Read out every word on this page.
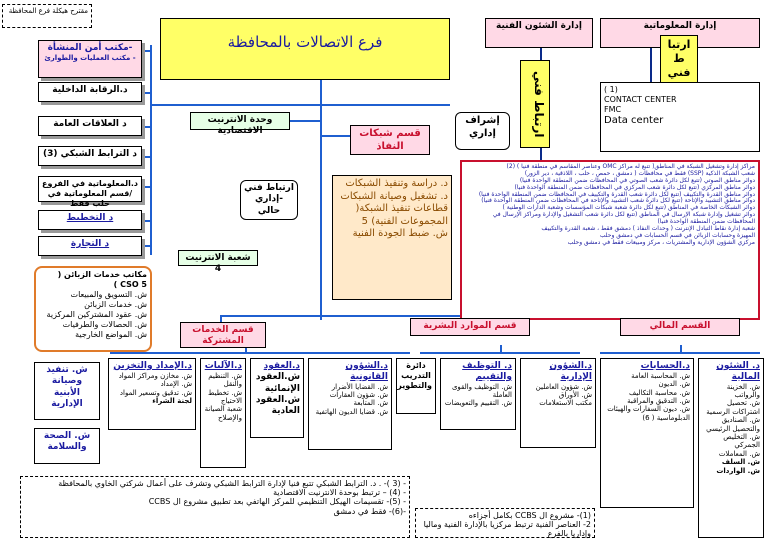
مقترح هيكلة فرع المحافظة
فرع الاتصالات بالمحافظة
إدارة الشئون الفنية	إدارة المعلوماتية
ارتباط فني
ارتبا ط فني
( 1)
CONTACT CENTER
FMC
Data center
إشراف إداري
-مكتب أمن المنشأة
- مكتب العمليات والطوارئ
د.الرقابة الداخلية
د العلاقات العامة
د الترابط الشبكي (3)
د.المعلوماتية في الفروع /قسم المعلوماتية في حلب فقط
د التخطيط
د التجارة
مكاتب خدمات الزبائن ( CSO 5 )
ش. التسويق والمبيعات
ش. خدمات الزبائن
ش. عقود المشتركين المركزية
ش. الحصالات والطرفيات
ش. المواضع الخارجية
وحدة الانترنيت الاقتصادية
ارتباط فني -إداري حالي
شعبة الانترنيت 4
قسم شبكات النفاذ
د. دراسة وتنفيذ الشبكات
د. تشغيل وصيانة الشبكات
قطاعات تنفيذ الشبكة( المجموعات الفنية) 5
ش. ضبط الجودة الفنية
مراكز إدارة وتشغيل الشبكة في المناطق( تتبع له مراكز OMC وعناصر المقاسم في منطقة فنيا ) (2)
شعب الشبكة الذكية (SSP) فقط في محافظات ( دمشق ، حمص ، حلب ، اللاذقية ، دير الزور)
دوائر مناطق الصوتي (تتبع لكل دائرة شعب الصوتي في المحافظات ضمن المنطقة الواحدة فنيا)
دوائر مناطق المركزي (تتبع لكل دائرة شعب المركزي في المحافظات ضمن المنطقة الواحدة فنيا)
دوائر مناطق القدرة والتكييف (تتبع لكل دائرة شعب القدرة والتكييف في المحافظات ضمن المنطقة الواحدة فنيا)
دوائر مناطق التشبيد والإتاحة (تتبع لكل دائرة شعب التشبيد والإتاحة في المحافظات ضمن المنطقة الواحدة فنيا)
دوائر الشبكات الخاصة في المناطق (تتبع لكل دائرة شعبة شبكات المؤسسات وشعبة الدارات الوطنية )
دوائر تشغيل وإدارة شبكة الإرسال في المناطق (تتبع لكل دائرة شعب التشغيل والإدارة ومراكز الإرسال في المحافظات ضمن المنطقة الواحدة فنيا)
شعبة إدارة نقاط التبادل الإنترنت ( وحدات النفاذ ) دمشق فقط ، شعبة القدرة والتكييف
المهيزة وحسابات الزبائن في قسم الحسابات في دمشق وحلب
مركزي الشؤون الإدارية والمشتريات ، مركز ومبيعات فقط في دمشق وحلب
قسم الخدمات المشتركة
قسم الموارد البشرية	القسم المالي
د. الشئون المالية
ش. الخزينة والرواتب
ش. تحصيل اشتراكات الرسمية
ش. الصناديق والتحصيل الرئيسي
ش. التخليص الجمركي
ش. المعاملات
ش. السلف
ش. الواردات
د.الحسابات
ش. المحاسبة العامة
ش. الديون
ش. محاسبة التكاليف
ش. التدقيق والمراقبة
ش. ديون السفارات والهيئات الدبلوماسية ( 6)
د.الشؤون الإدارية
ش. شؤون العاملين
ش. الأوراق
مكتب الاستعلامات
د. التوظيف والتقييم
ش. التوظيف والقوى العاملة
ش. التقييم والتعويضات
دائرة التدريب والتطوير
د.الشؤون القانونية
ش. القضايا الأضرار
ش. شؤون العقارات
ش. المتابعة
ش. قضايا الديون الهاتفية
د.العقود
ش.العقود الإنمائية
ش.العقود العادية
د.الآليات
ش. التنظيم والنقل
ش. تخطيط الاحتياج
شعبة الصيانة والإصلاح
د.الإمداد والتخزين
ش. مخازن ومراكز المواد
ش. الإمداد
ش. تدقيق وتسعير المواد
لجنة الشراء
ش. تنفيذ وصيانة الأبنية الإدارية
ش. الصحة والسلامة
- (3 )- . د. الترابط الشبكي تتبع فنيا لإدارة الترابط الشبكي وتشرف على أعمال شركتي الخاوي بالمحافظة
- (4) – ترتبط بوحدة الانترنيت الاقتصادية
- (5)- تقسيمات الهيكل التنظيمي للمركز الهاتفي بعد تطبيق مشروع ال CCBS
-(6)- فقط في دمشق	(1)- مشروع ال CCBS بكامل أجزاءه
2- العناصر الفنية ترتبط مركزيا بالإدارة الفنية وماليا وإداريا بالفرع
